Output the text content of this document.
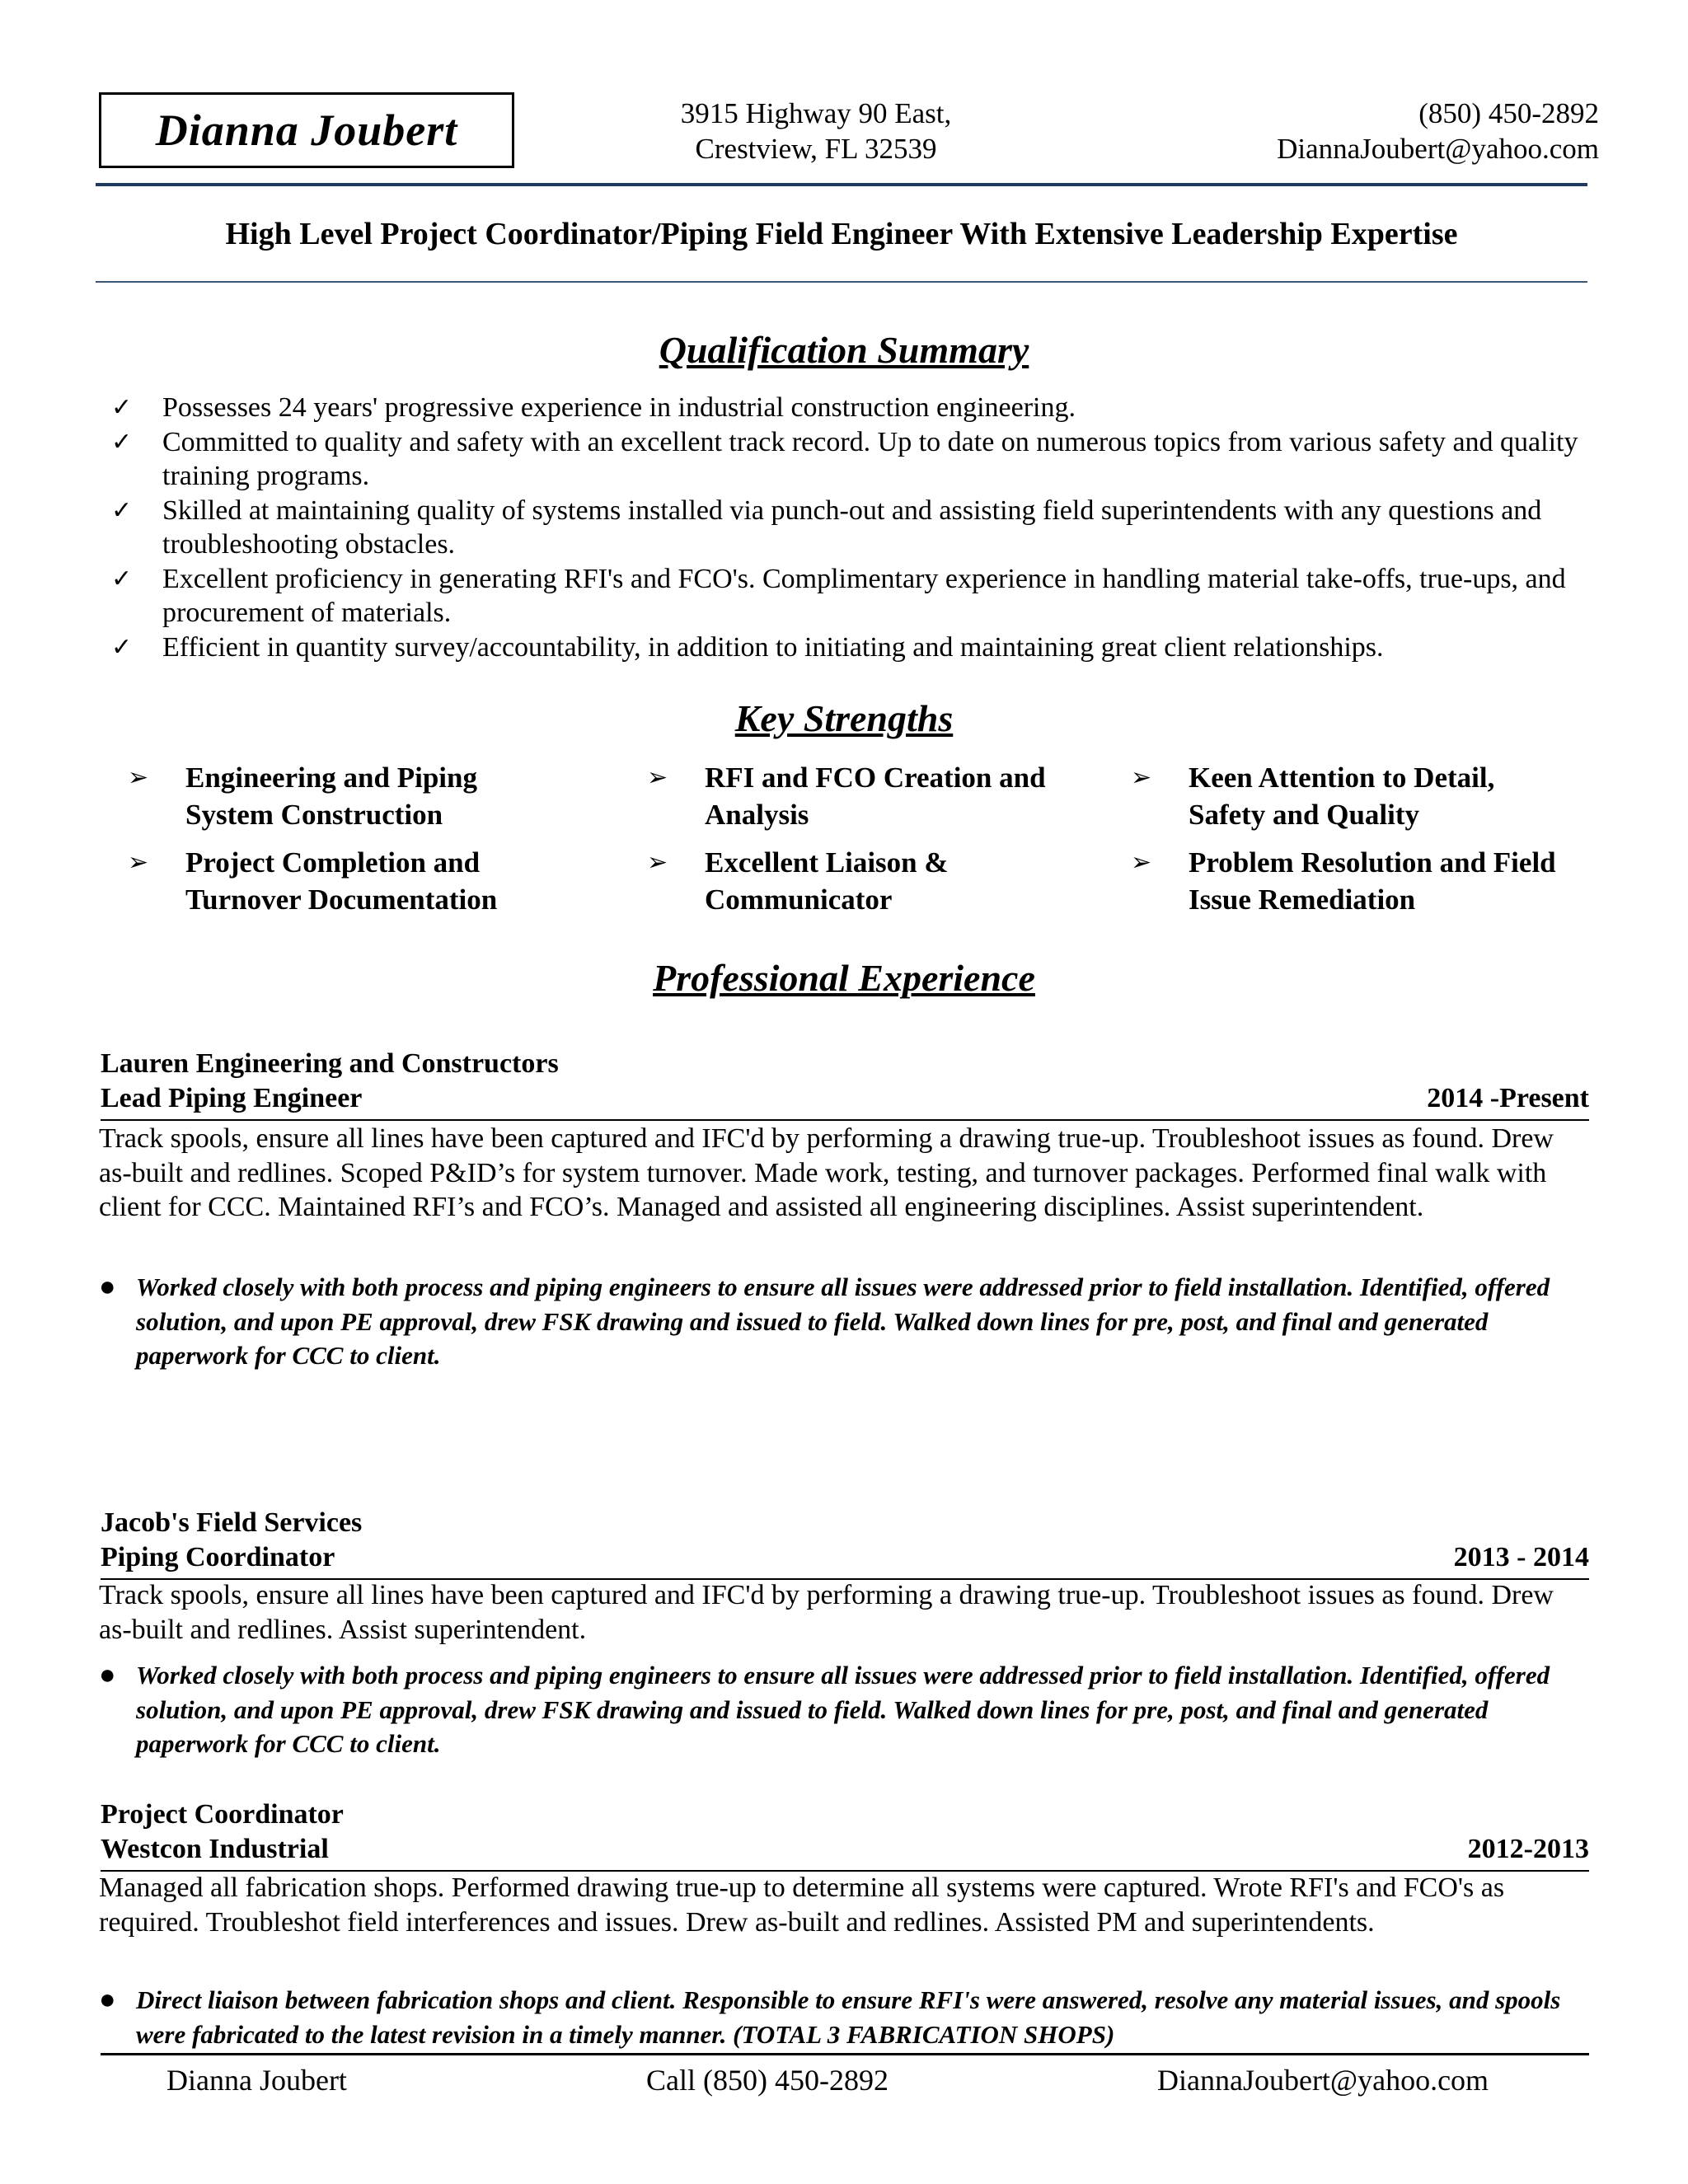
Dianna Joubert	3915 Highway 90 East,
Crestview, FL 32539
(850) 450-2892
DiannaJoubert@yahoo.com
High Level Project Coordinator/Piping Field Engineer With Extensive Leadership Expertise
Qualification Summary
✓ Possesses 24 years' progressive experience in industrial construction engineering.
✓ Committed to quality and safety with an excellent track record. Up to date on numerous topics from various safety and quality training programs.
✓ Skilled at maintaining quality of systems installed via punch-out and assisting field superintendents with any questions and troubleshooting obstacles.
✓ Excellent proficiency in generating RFI's and FCO's. Complimentary experience in handling material take-offs, true-ups, and procurement of materials.
✓ Efficient in quantity survey/accountability, in addition to initiating and maintaining great client relationships.
Key Strengths
➢ Engineering and Piping System Construction
➢ RFI and FCO Creation and Analysis
➢ Keen Attention to Detail, Safety and Quality
➢ Project Completion and Turnover Documentation
➢ Excellent Liaison & Communicator
➢ Problem Resolution and Field Issue Remediation
Professional Experience
Lauren Engineering and Constructors
Lead Piping Engineer	2014 -Present
Track spools, ensure all lines have been captured and IFC'd by performing a drawing true-up. Troubleshoot issues as found. Drew as-built and redlines. Scoped P&ID’s for system turnover. Made work, testing, and turnover packages. Performed final walk with client for CCC. Maintained RFI’s and FCO’s. Managed and assisted all engineering disciplines. Assist superintendent.
● Worked closely with both process and piping engineers to ensure all issues were addressed prior to field installation. Identified, offered solution, and upon PE approval, drew FSK drawing and issued to field. Walked down lines for pre, post, and final and generated paperwork for CCC to client.
Jacob's Field Services
Piping Coordinator	2013 - 2014
Track spools, ensure all lines have been captured and IFC'd by performing a drawing true-up. Troubleshoot issues as found. Drew as-built and redlines. Assist superintendent.
● Worked closely with both process and piping engineers to ensure all issues were addressed prior to field installation. Identified, offered solution, and upon PE approval, drew FSK drawing and issued to field. Walked down lines for pre, post, and final and generated paperwork for CCC to client.
Project Coordinator
Westcon Industrial	2012-2013
Managed all fabrication shops. Performed drawing true-up to determine all systems were captured. Wrote RFI's and FCO's as required. Troubleshot field interferences and issues. Drew as-built and redlines. Assisted PM and superintendents.
● Direct liaison between fabrication shops and client. Responsible to ensure RFI's were answered, resolve any material issues, and spools were fabricated to the latest revision in a timely manner. (TOTAL 3 FABRICATION SHOPS)
Dianna Joubert	Call (850) 450-2892	DiannaJoubert@yahoo.com
